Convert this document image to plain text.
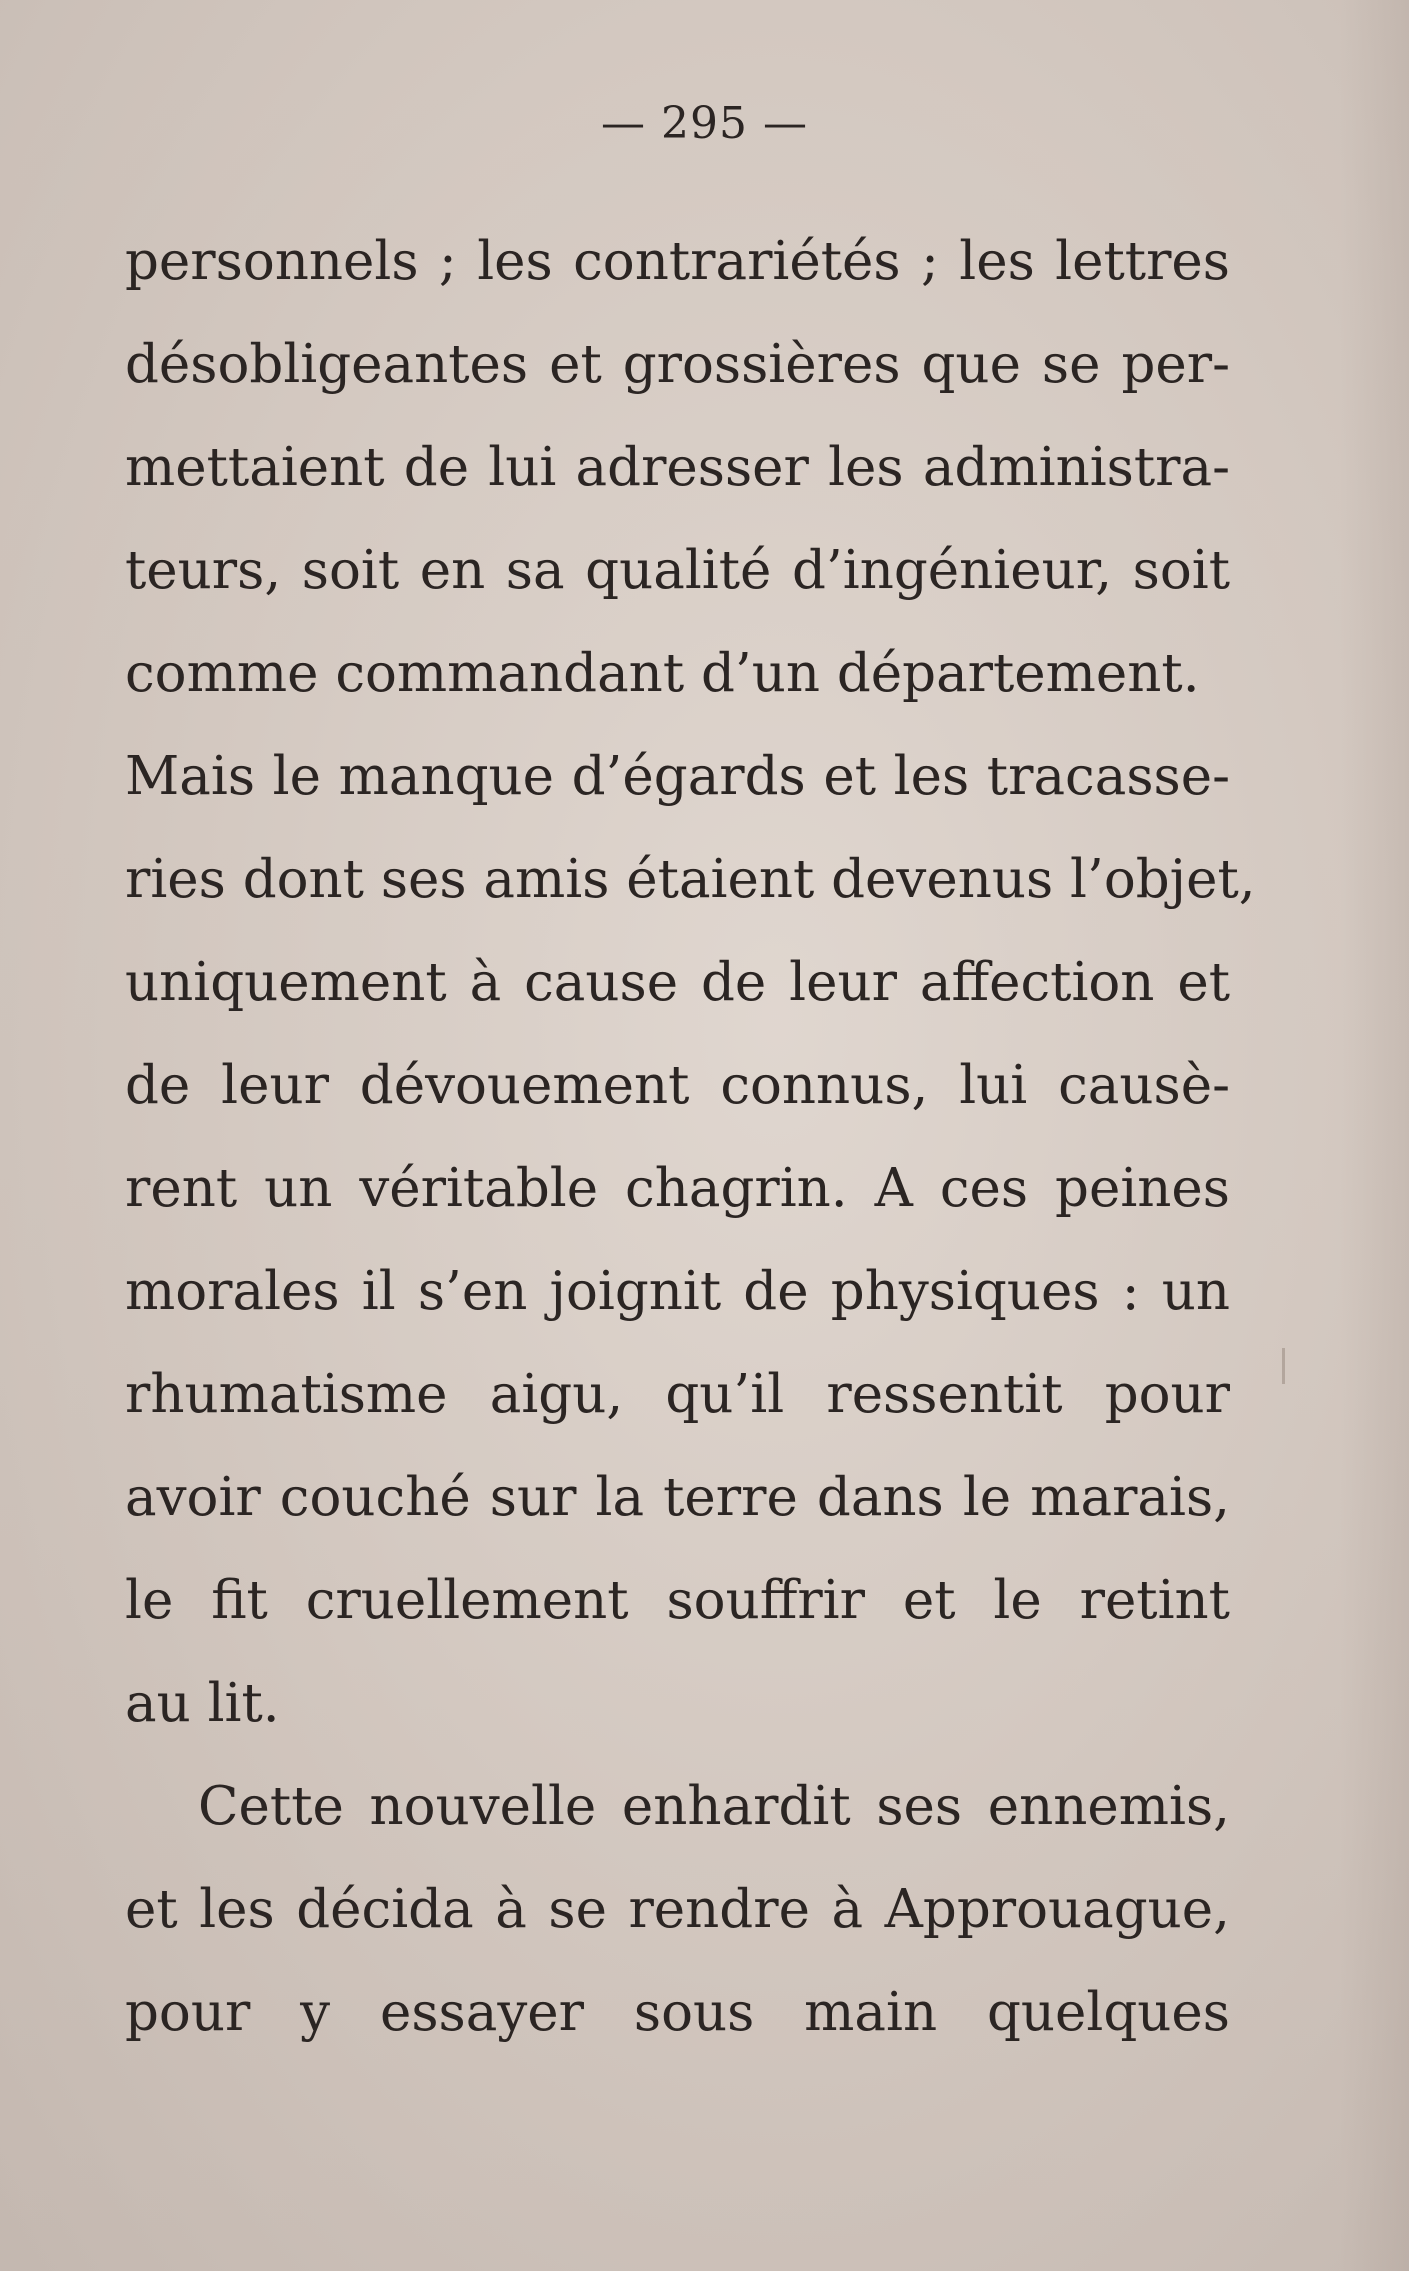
— 295 —
personnels ; les contrariétés ; les lettres
désobligeantes et grossières que se per-
mettaient de lui adresser les administra-
teurs, soit en sa qualité d’ingénieur, soit
comme commandant d’un département.
Mais le manque d’égards et les tracasse-
ries dont ses amis étaient devenus l’objet,
uniquement à cause de leur affection et
de leur dévouement connus, lui causè-
rent un véritable chagrin. A ces peines
morales il s’en joignit de physiques : un
rhumatisme aigu, qu’il ressentit pour
avoir couché sur la terre dans le marais,
le fit cruellement souffrir et le retint
au lit.
Cette nouvelle enhardit ses ennemis,
et les décida à se rendre à Approuague,
pour y essayer sous main quelques
